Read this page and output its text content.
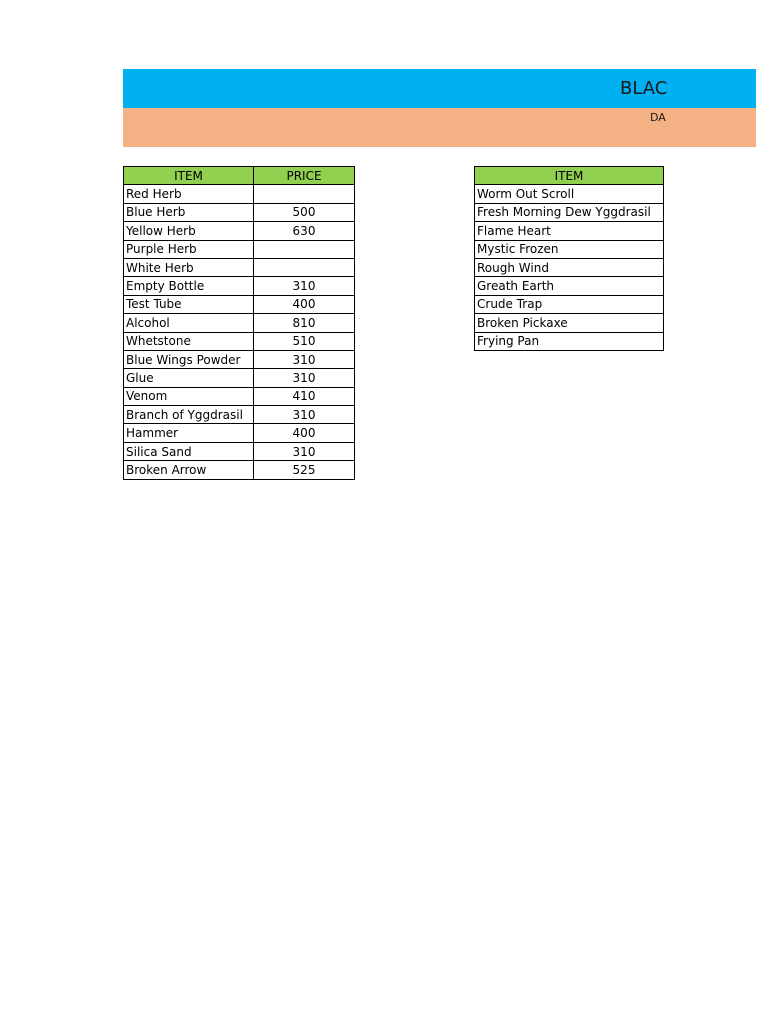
BLAC
DA
ITEM	PRICE
Red Herb	
Blue Herb	500
Yellow Herb	630
Purple Herb	
White Herb	
Empty Bottle	310
Test Tube	400
Alcohol	810
Whetstone	510
Blue Wings Powder	310
Glue	310
Venom	410
Branch of Yggdrasil	310
Hammer	400
Silica Sand	310
Broken Arrow	525
ITEM
Worm Out Scroll
Fresh Morning Dew Yggdrasil
Flame Heart
Mystic Frozen
Rough Wind
Greath Earth
Crude Trap
Broken Pickaxe
Frying Pan
